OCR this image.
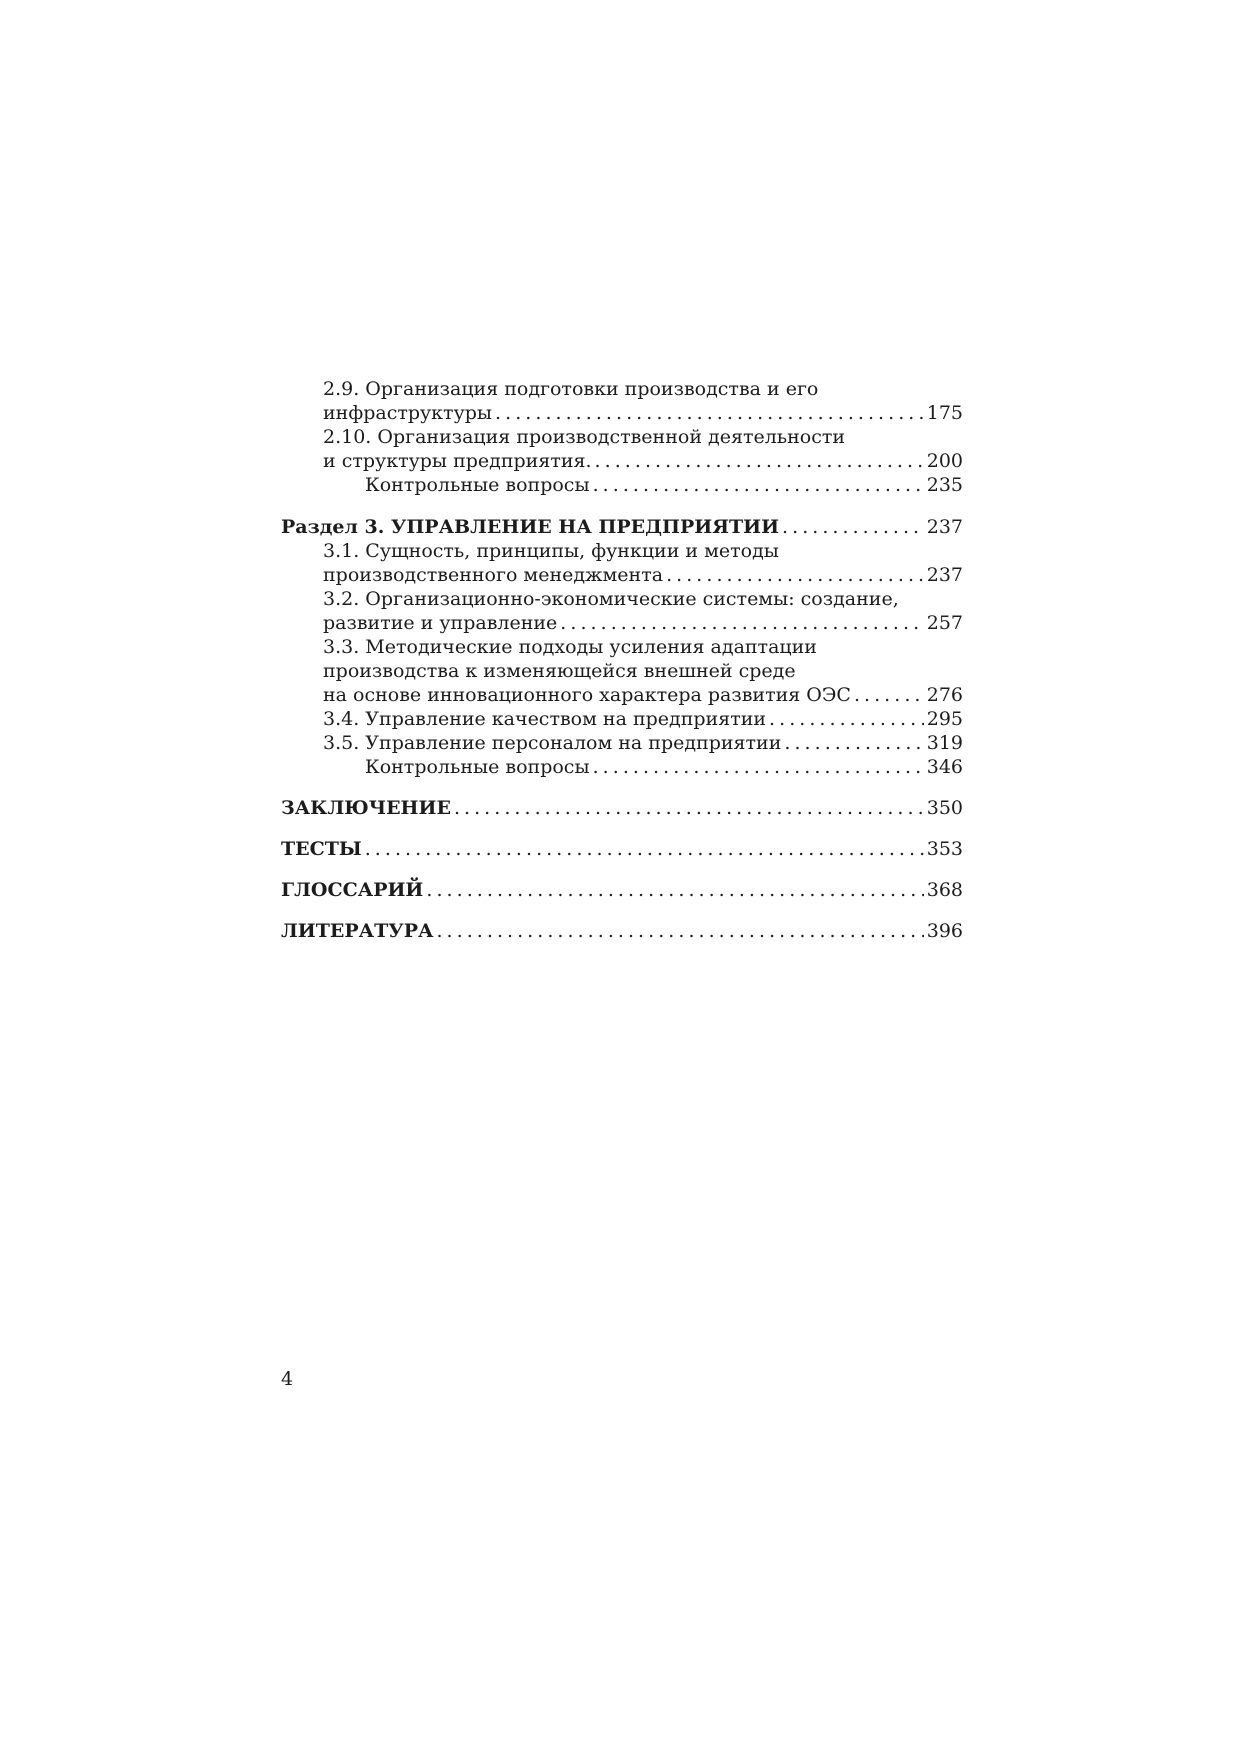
2.9. Организация подготовки производства и его
инфраструктуры . . .	175
2.10. Организация производственной деятельности
и структуры предприятия. . . .	200
Контрольные вопросы . . .	235
Раздел 3. УПРАВЛЕНИЕ НА ПРЕДПРИЯТИИ . . .	237
3.1. Сущность, принципы, функции и методы
производственного менеджмента . . .	237
3.2. Организационно-экономические системы: создание,
развитие и управление . . .	257
3.3. Методические подходы усиления адаптации
производства к изменяющейся внешней среде
на основе инновационного характера развития ОЭС . . .	276
3.4. Управление качеством на предприятии . . .	295
3.5. Управление персоналом на предприятии . . .	319
Контрольные вопросы . . .	346
ЗАКЛЮЧЕНИЕ . . .	350
ТЕСТЫ . . .	353
ГЛОССАРИЙ . . .	368
ЛИТЕРАТУРА . . .	396
4
